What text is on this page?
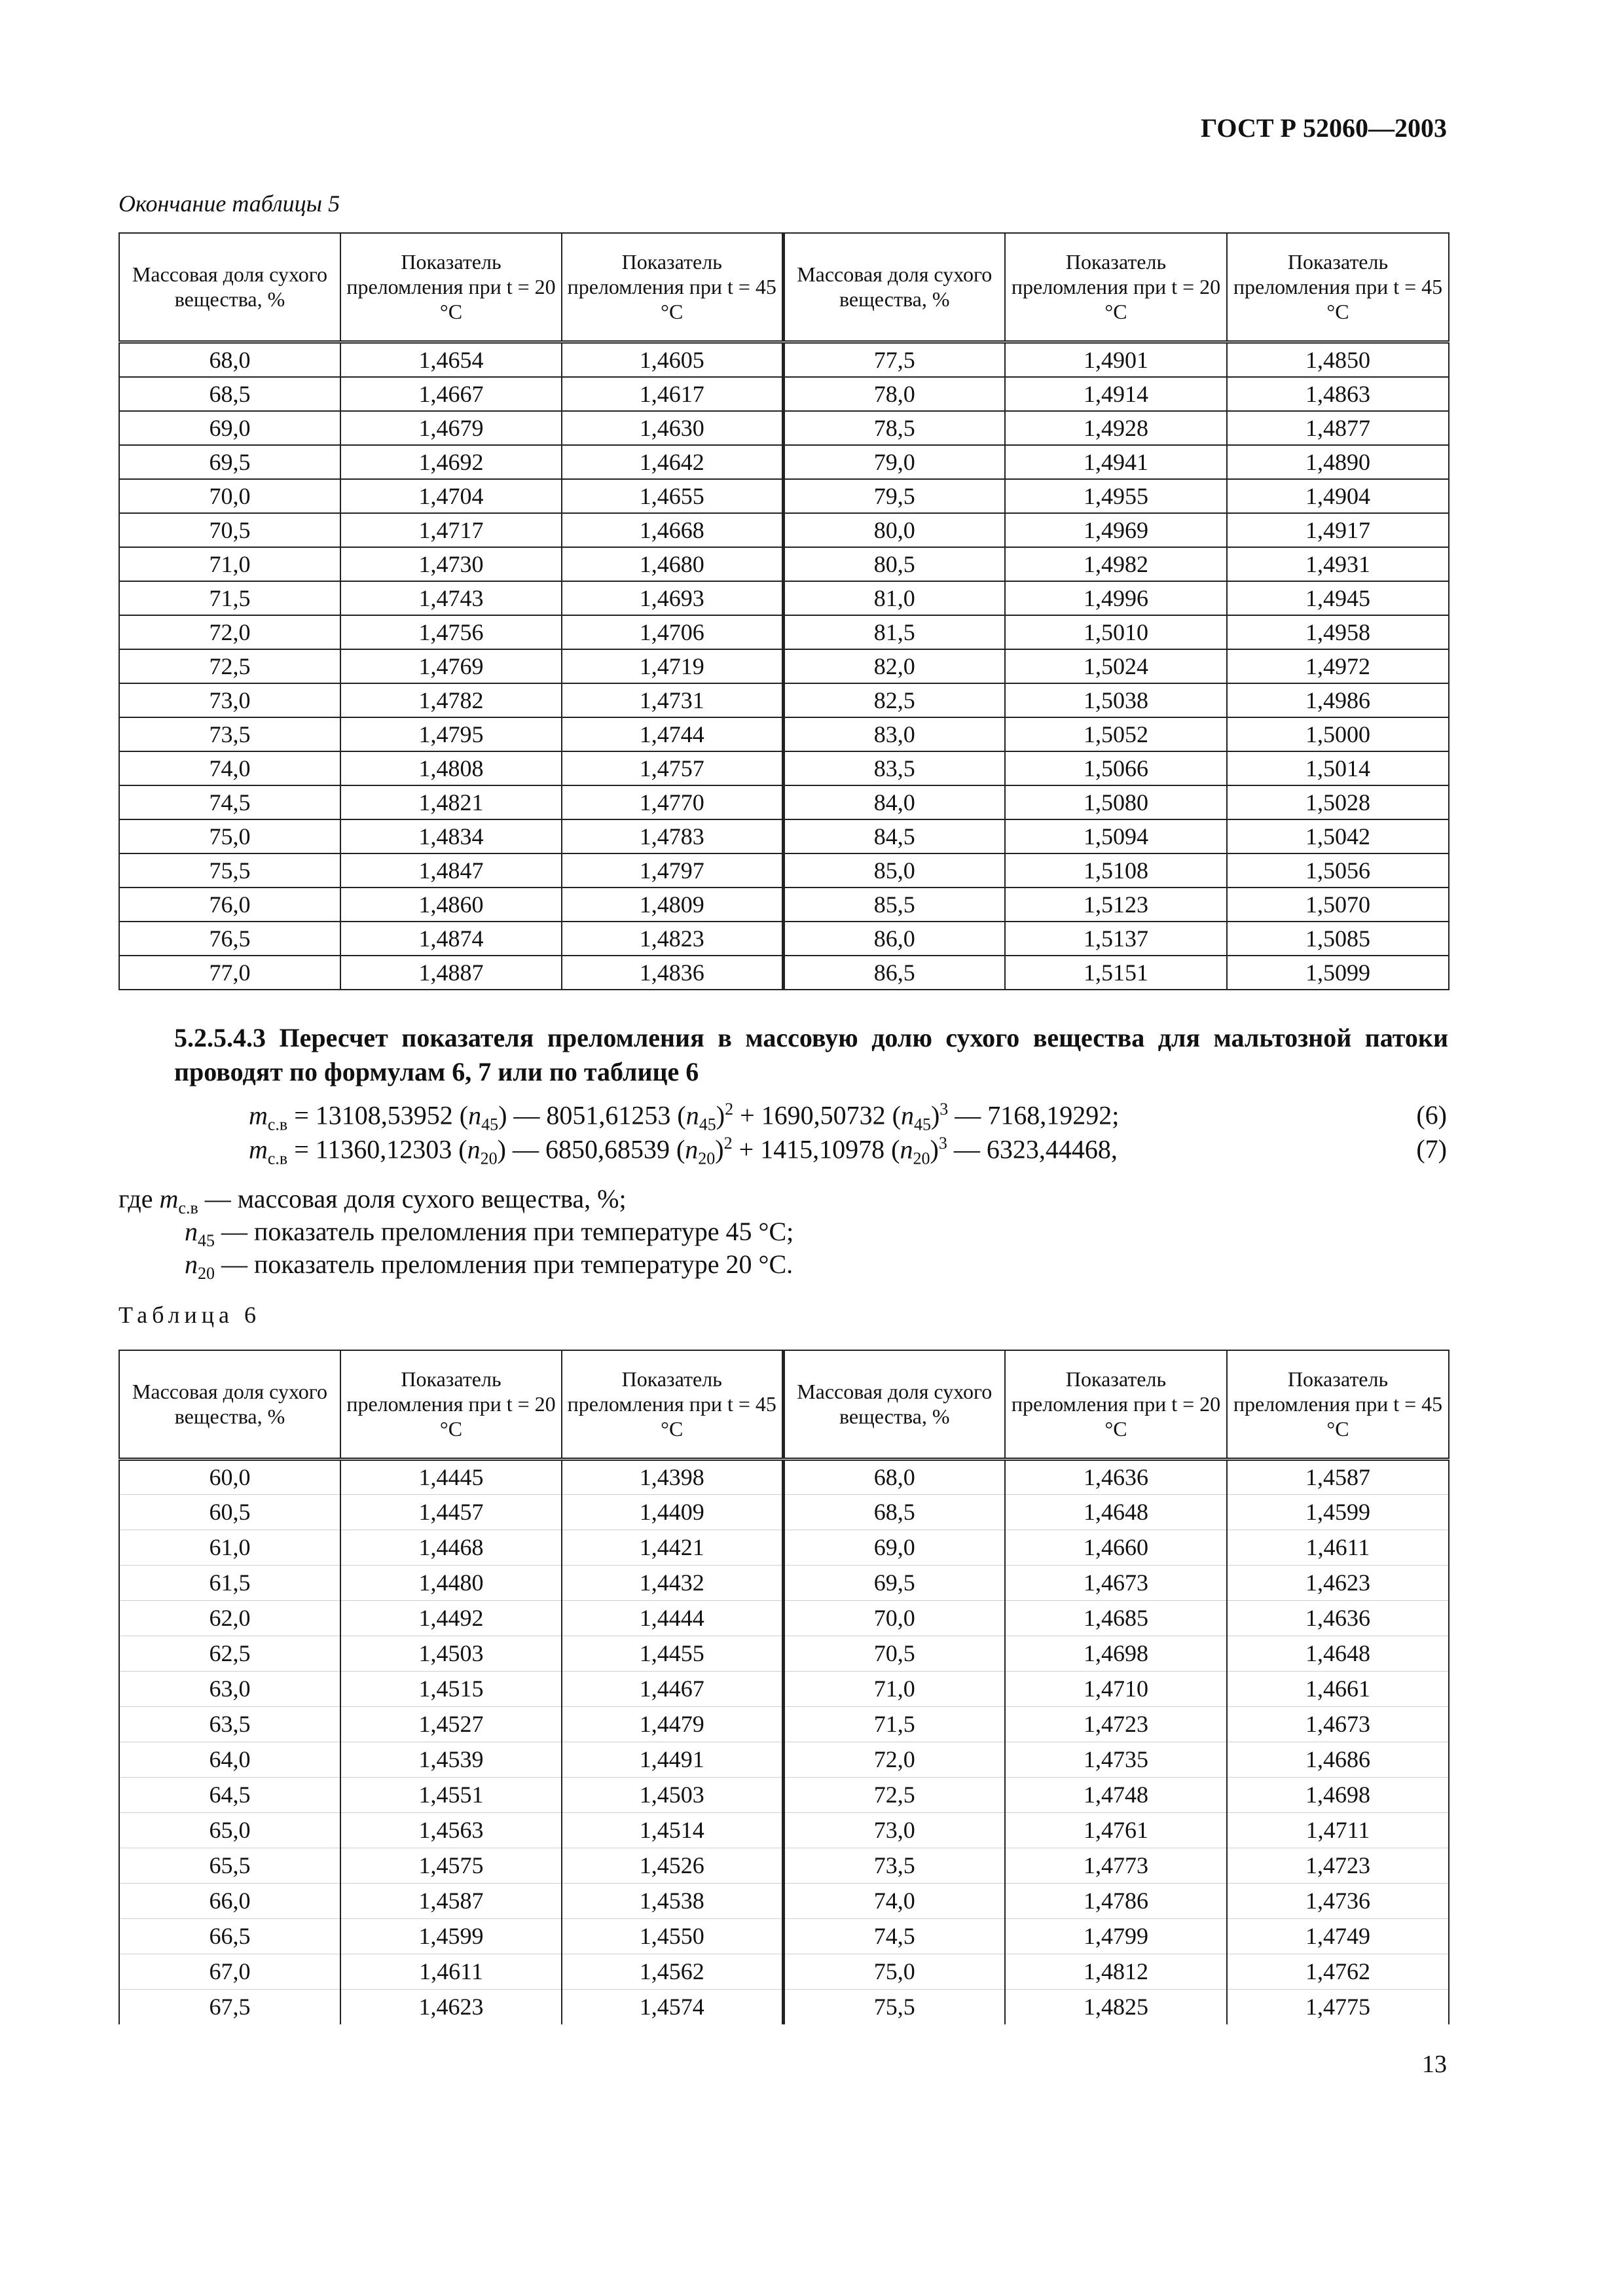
ГОСТ Р 52060—2003
Окончание таблицы 5
Массовая доля сухого вещества, %	Показатель преломления при t = 20 °C	Показатель преломления при t = 45 °C	Массовая доля сухого вещества, %	Показатель преломления при t = 20 °C	Показатель преломления при t = 45 °C
68,0	1,4654	1,4605	77,5	1,4901	1,4850
68,5	1,4667	1,4617	78,0	1,4914	1,4863
69,0	1,4679	1,4630	78,5	1,4928	1,4877
69,5	1,4692	1,4642	79,0	1,4941	1,4890
70,0	1,4704	1,4655	79,5	1,4955	1,4904
70,5	1,4717	1,4668	80,0	1,4969	1,4917
71,0	1,4730	1,4680	80,5	1,4982	1,4931
71,5	1,4743	1,4693	81,0	1,4996	1,4945
72,0	1,4756	1,4706	81,5	1,5010	1,4958
72,5	1,4769	1,4719	82,0	1,5024	1,4972
73,0	1,4782	1,4731	82,5	1,5038	1,4986
73,5	1,4795	1,4744	83,0	1,5052	1,5000
74,0	1,4808	1,4757	83,5	1,5066	1,5014
74,5	1,4821	1,4770	84,0	1,5080	1,5028
75,0	1,4834	1,4783	84,5	1,5094	1,5042
75,5	1,4847	1,4797	85,0	1,5108	1,5056
76,0	1,4860	1,4809	85,5	1,5123	1,5070
76,5	1,4874	1,4823	86,0	1,5137	1,5085
77,0	1,4887	1,4836	86,5	1,5151	1,5099
5.2.5.4.3 Пересчет показателя преломления в массовую долю сухого вещества для мальтозной патоки проводят по формулам 6, 7 или по таблице 6
$m_{с.в} = 13108,53952$ $(n_{45})$ — 8051,61253 $(n_{45})^2 + 1690,50732$ $(n_{45})^3$ — 7168,19292;	(6)
$m_{с.в} = 11360,12303$ $(n_{20})$ — 6850,68539 $(n_{20})^2 + 1415,10978$ $(n_{20})^3$ — 6323,44468,	(7)
где $m_{с.в}$ — массовая доля сухого вещества, %;
$n_{45}$ — показатель преломления при температуре 45 °C;
$n_{20}$ — показатель преломления при температуре 20 °C.
Таблица 6
Массовая доля сухого вещества, %	Показатель преломления при t = 20 °C	Показатель преломления при t = 45 °C	Массовая доля сухого вещества, %	Показатель преломления при t = 20 °C	Показатель преломления при t = 45 °C
60,0	1,4445	1,4398	68,0	1,4636	1,4587
60,5	1,4457	1,4409	68,5	1,4648	1,4599
61,0	1,4468	1,4421	69,0	1,4660	1,4611
61,5	1,4480	1,4432	69,5	1,4673	1,4623
62,0	1,4492	1,4444	70,0	1,4685	1,4636
62,5	1,4503	1,4455	70,5	1,4698	1,4648
63,0	1,4515	1,4467	71,0	1,4710	1,4661
63,5	1,4527	1,4479	71,5	1,4723	1,4673
64,0	1,4539	1,4491	72,0	1,4735	1,4686
64,5	1,4551	1,4503	72,5	1,4748	1,4698
65,0	1,4563	1,4514	73,0	1,4761	1,4711
65,5	1,4575	1,4526	73,5	1,4773	1,4723
66,0	1,4587	1,4538	74,0	1,4786	1,4736
66,5	1,4599	1,4550	74,5	1,4799	1,4749
67,0	1,4611	1,4562	75,0	1,4812	1,4762
67,5	1,4623	1,4574	75,5	1,4825	1,4775
13
